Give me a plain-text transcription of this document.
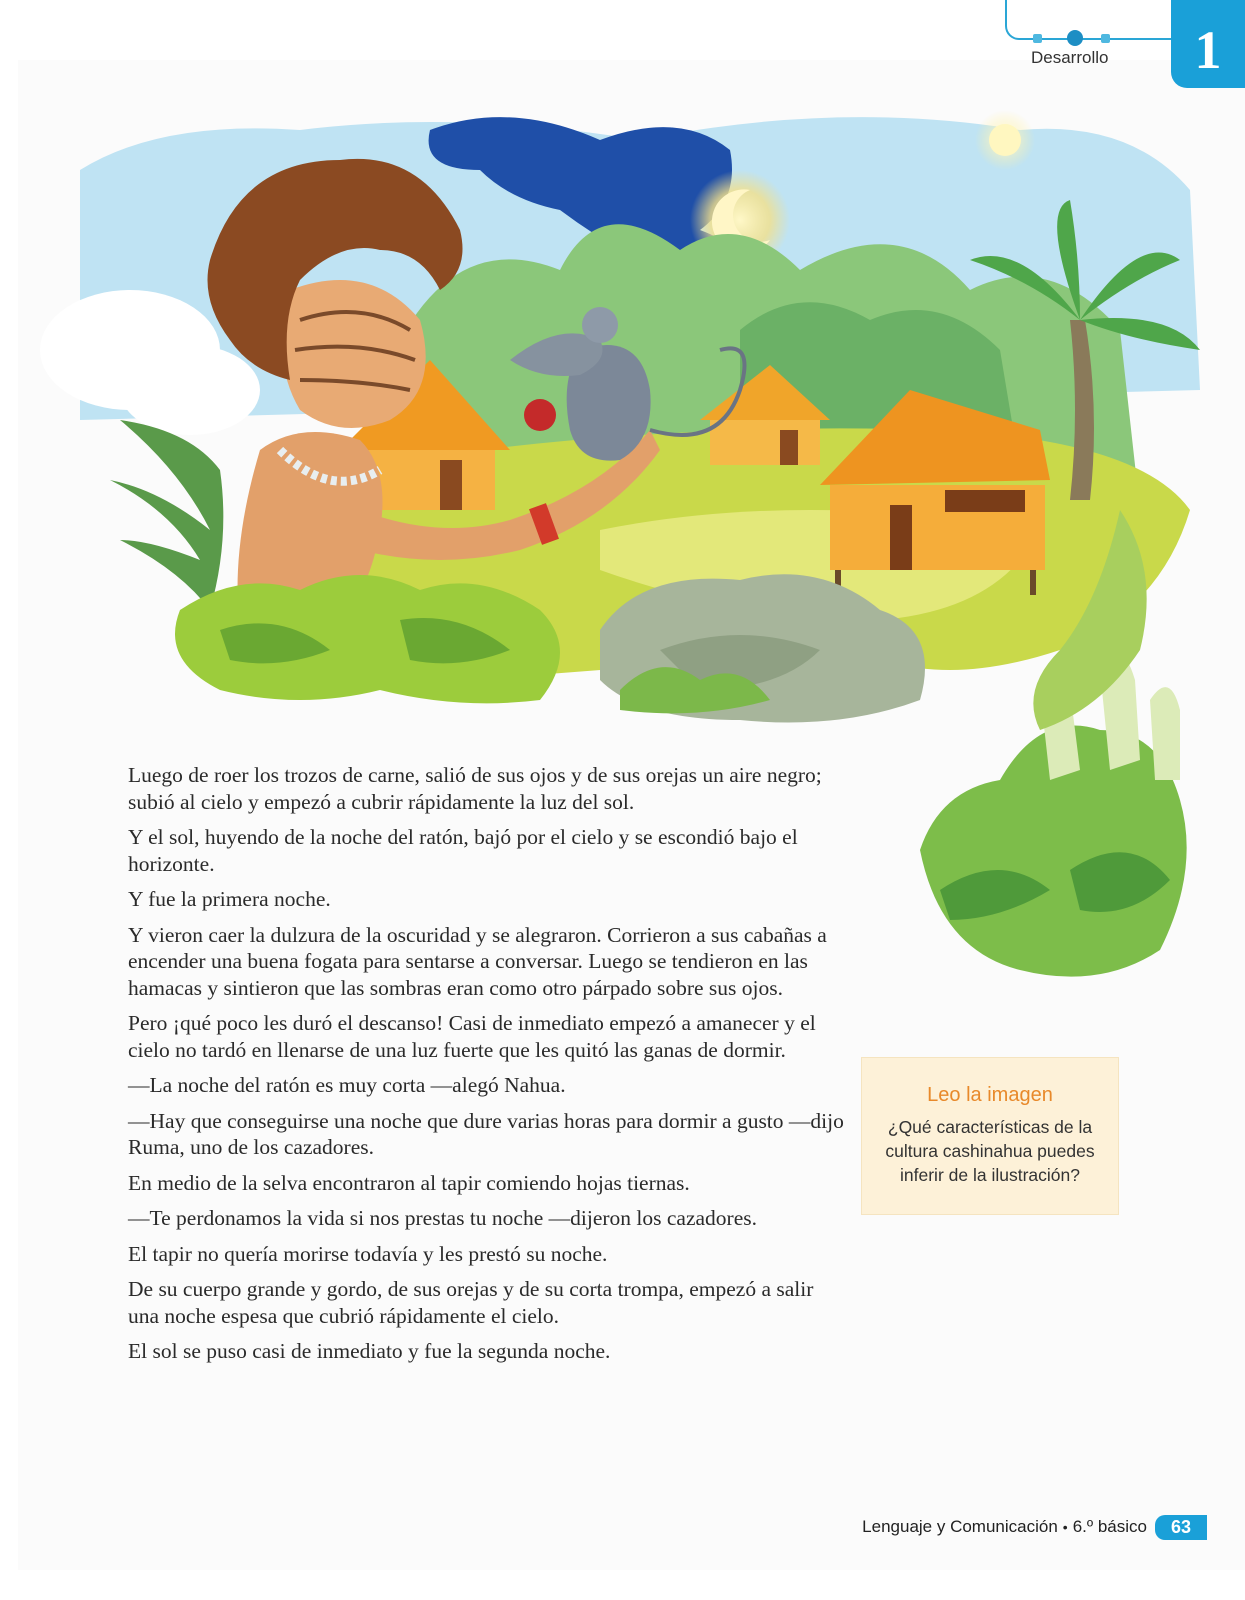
Desarrollo	1

Luego de roer los trozos de carne, salió de sus ojos y de sus orejas un aire negro; subió al cielo y empezó a cubrir rápidamente la luz del sol.

Y el sol, huyendo de la noche del ratón, bajó por el cielo y se escondió bajo el horizonte.

Y fue la primera noche.

Y vieron caer la dulzura de la oscuridad y se alegraron. Corrieron a sus cabañas a encender una buena fogata para sentarse a conversar. Luego se tendieron en las hamacas y sintieron que las sombras eran como otro párpado sobre sus ojos.

Pero ¡qué poco les duró el descanso! Casi de inmediato empezó a amanecer y el cielo no tardó en llenarse de una luz fuerte que les quitó las ganas de dormir.

—La noche del ratón es muy corta —alegó Nahua.

—Hay que conseguirse una noche que dure varias horas para dormir a gusto —dijo Ruma, uno de los cazadores.

En medio de la selva encontraron al tapir comiendo hojas tiernas.

—Te perdonamos la vida si nos prestas tu noche —dijeron los cazadores.

El tapir no quería morirse todavía y les prestó su noche.

De su cuerpo grande y gordo, de sus orejas y de su corta trompa, empezó a salir una noche espesa que cubrió rápidamente el cielo.

El sol se puso casi de inmediato y fue la segunda noche.

Leo la imagen
¿Qué características de la cultura cashinahua puedes inferir de la ilustración?
Lenguaje y Comunicación • 6.º básico	63
